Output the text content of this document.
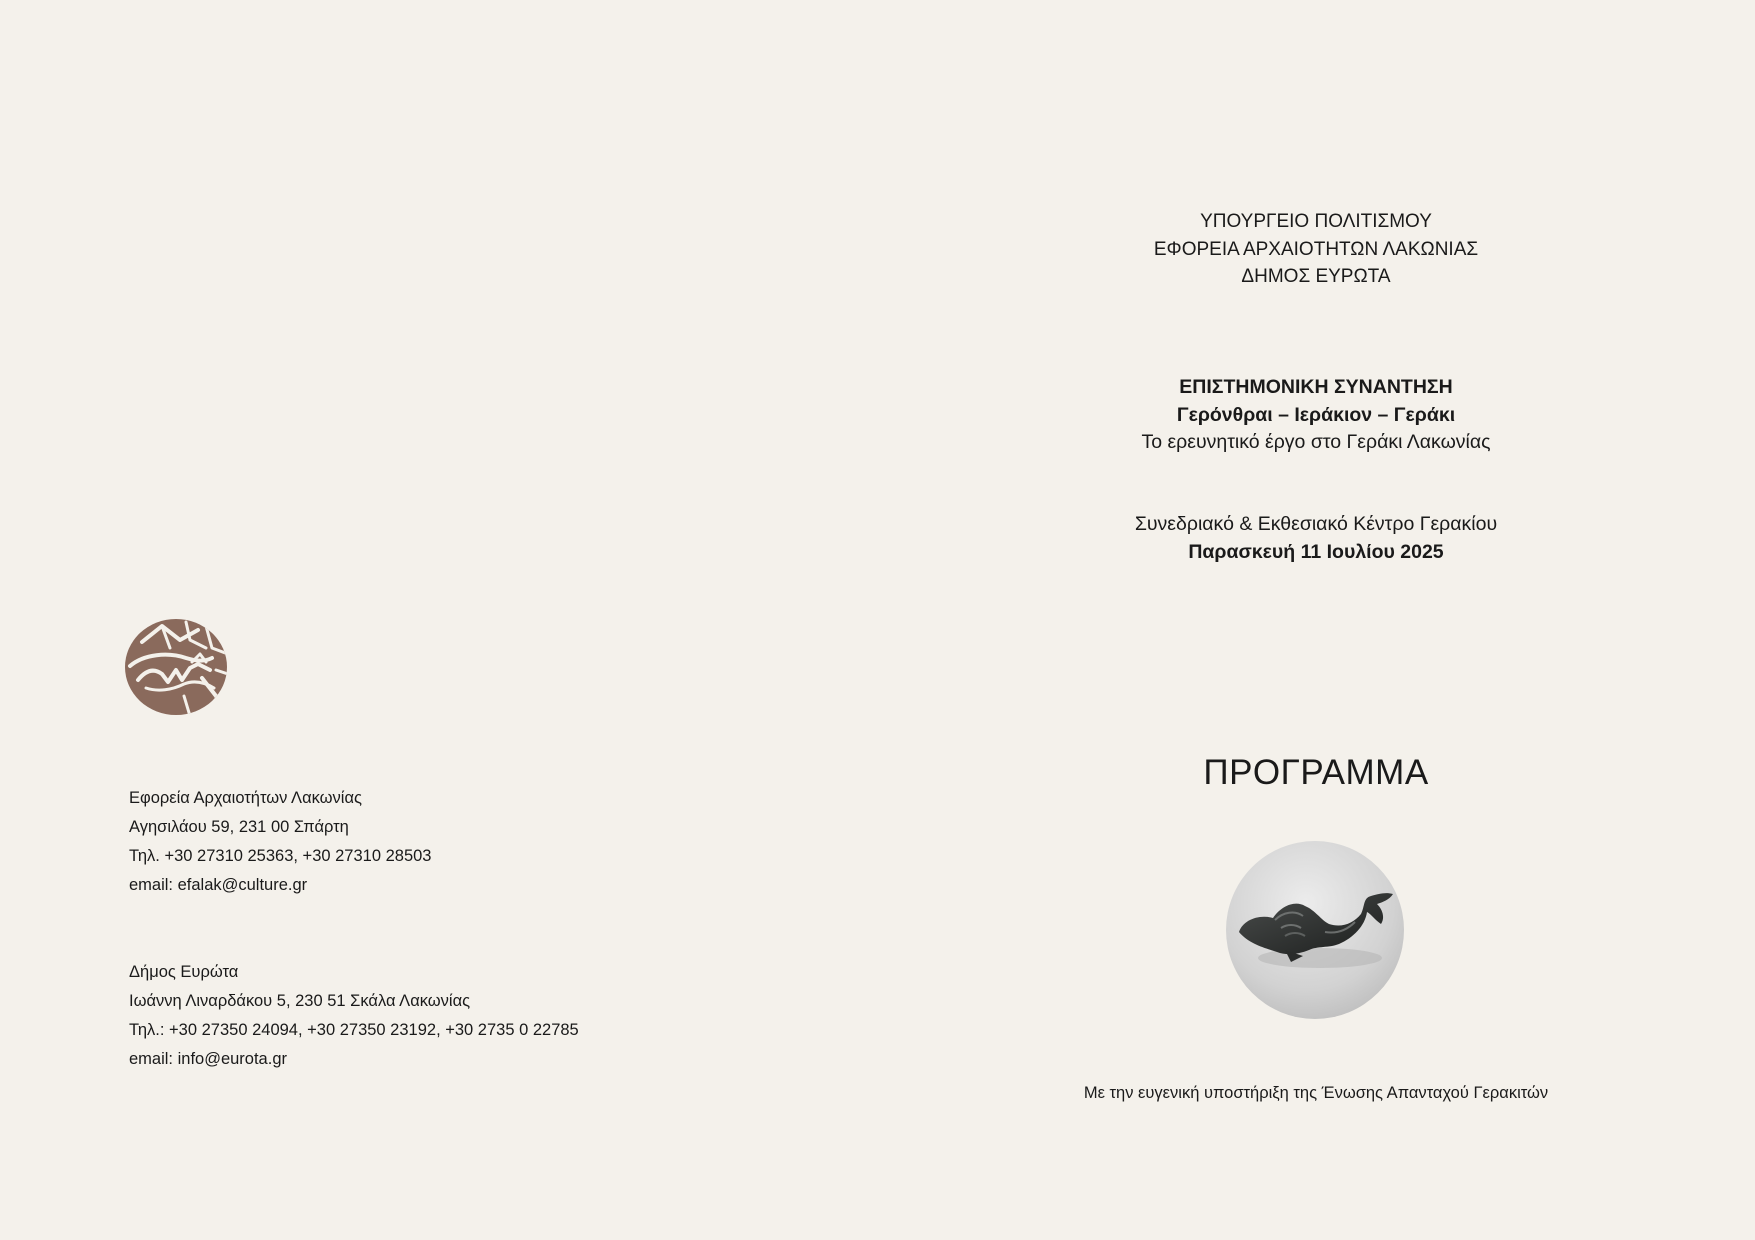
Εφορεία Αρχαιοτήτων Λακωνίας
Αγησιλάου 59, 231 00 Σπάρτη
Τηλ. +30 27310 25363, +30 27310 28503
email: efalak@culture.gr
Δήμος Ευρώτα
Ιωάννη Λιναρδάκου 5, 230 51 Σκάλα Λακωνίας
Τηλ.: +30 27350 24094, +30 27350 23192, +30 2735 0 22785
email: info@eurota.gr
ΥΠΟΥΡΓΕΙΟ ΠΟΛΙΤΙΣΜΟΥ
ΕΦΟΡΕΙΑ ΑΡΧΑΙΟΤΗΤΩΝ ΛΑΚΩΝΙΑΣ
ΔΗΜΟΣ ΕΥΡΩΤΑ
ΕΠΙΣΤΗΜΟΝΙΚΗ ΣΥΝΑΝΤΗΣΗ
Γερόνθραι – Ιεράκιον – Γεράκι
Το ερευνητικό έργο στο Γεράκι Λακωνίας
Συνεδριακό & Εκθεσιακό Κέντρο Γερακίου
Παρασκευή 11 Ιουλίου 2025
ΠΡΟΓΡΑΜΜΑ
Με την ευγενική υποστήριξη της Ένωσης Απανταχού Γερακιτών
